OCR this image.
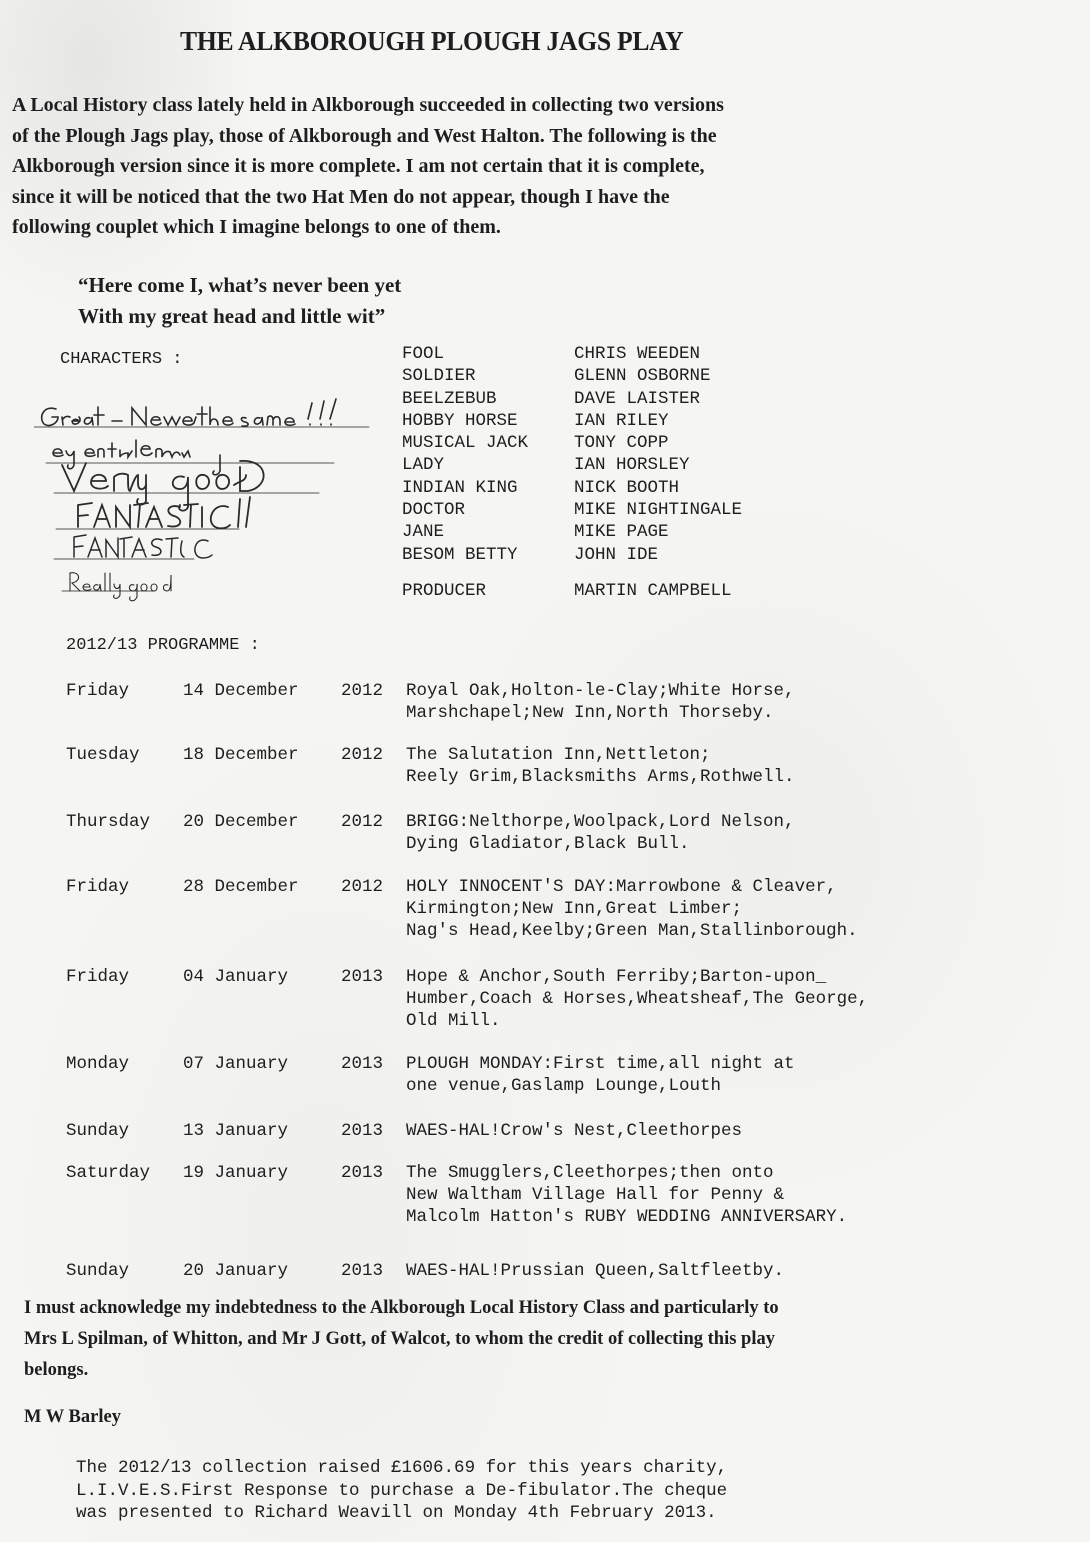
THE ALKBOROUGH PLOUGH JAGS PLAY
A Local History class lately held in Alkborough succeeded in collecting two versions
of the Plough Jags play, those of Alkborough and West Halton. The following is the
Alkborough version since it is more complete. I am not certain that it is complete,
since it will be noticed that the two Hat Men do not appear, though I have the
following couplet which I imagine belongs to one of them.
“Here come I, what’s never been yet
With my great head and little wit”
CHARACTERS :	FOOL	CHRIS WEEDEN
SOLDIER	GLENN OSBORNE
BEELZEBUB	DAVE LAISTER
HOBBY HORSE	IAN RILEY
MUSICAL JACK	TONY COPP
LADY	IAN HORSLEY
INDIAN KING	NICK BOOTH
DOCTOR	MIKE NIGHTINGALE
JANE	MIKE PAGE
BESOM BETTY	JOHN IDE
PRODUCER	MARTIN CAMPBELL
2012/13 PROGRAMME :
Friday	14 December	2012	Royal Oak,Holton-le-Clay;White Horse,
Marshchapel;New Inn,North Thorseby.
Tuesday	18 December	2012	The Salutation Inn,Nettleton;
Reely Grim,Blacksmiths Arms,Rothwell.
Thursday	20 December	2012	BRIGG:Nelthorpe,Woolpack,Lord Nelson,
Dying Gladiator,Black Bull.
Friday	28 December	2012	HOLY INNOCENT'S DAY:Marrowbone & Cleaver,
Kirmington;New Inn,Great Limber;
Nag's Head,Keelby;Green Man,Stallinborough.
Friday	04 January	2013	Hope & Anchor,South Ferriby;Barton-upon_
Humber,Coach & Horses,Wheatsheaf,The George,
Old Mill.
Monday	07 January	2013	PLOUGH MONDAY:First time,all night at
one venue,Gaslamp Lounge,Louth
Sunday	13 January	2013	WAES-HAL!Crow's Nest,Cleethorpes
Saturday	19 January	2013	The Smugglers,Cleethorpes;then onto
New Waltham Village Hall for Penny &
Malcolm Hatton's RUBY WEDDING ANNIVERSARY.
Sunday	20 January	2013	WAES-HAL!Prussian Queen,Saltfleetby.
I must acknowledge my indebtedness to the Alkborough Local History Class and particularly to
Mrs L Spilman, of Whitton, and Mr J Gott, of Walcot, to whom the credit of collecting this play
belongs.
M W Barley
The 2012/13 collection raised £1606.69 for this years charity,
L.I.V.E.S.First Response to purchase a De-fibulator.The cheque
was presented to Richard Weavill on Monday 4th February 2013.
